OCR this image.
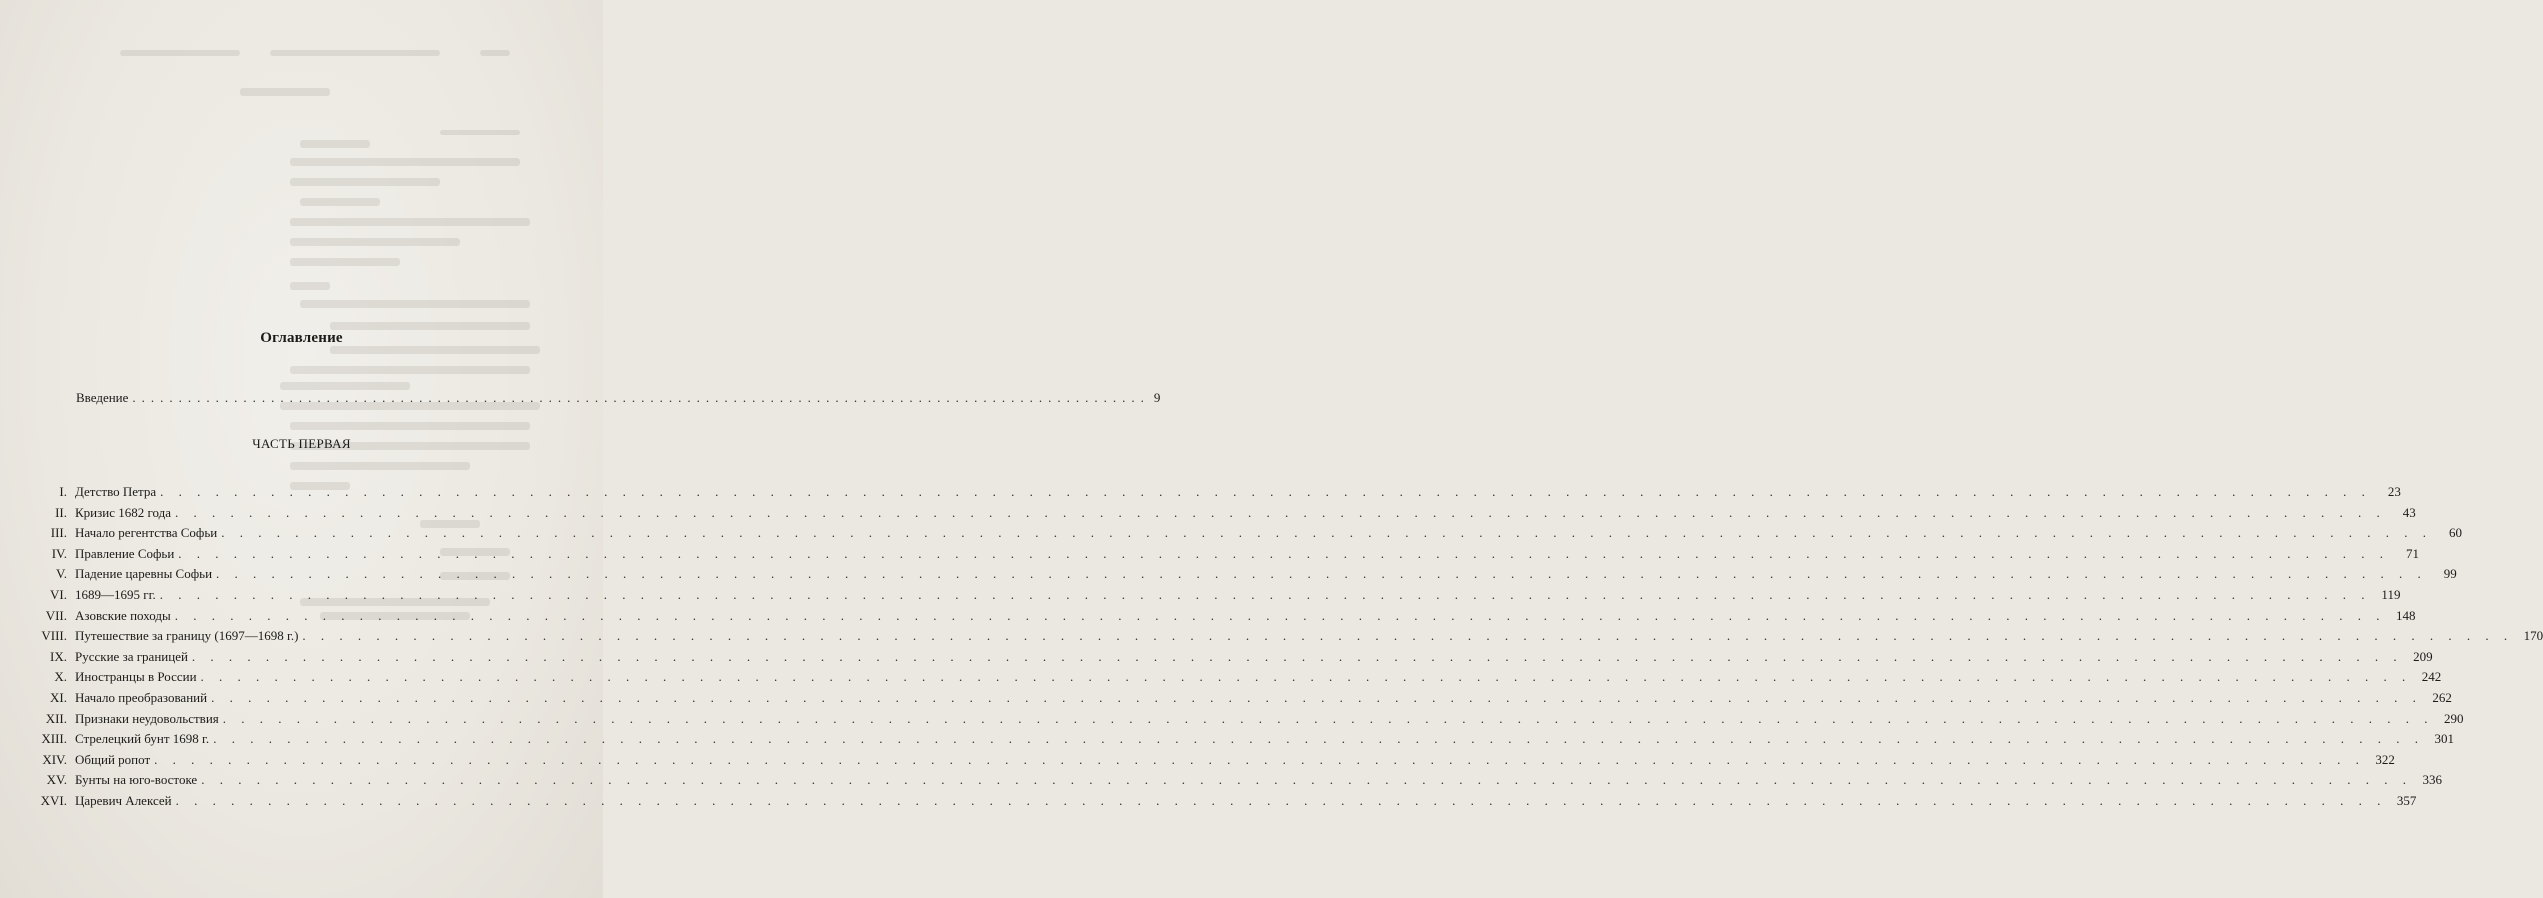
Оглавление
Введение .............................................................................................................. 9
ЧАСТЬ ПЕРВАЯ
I. Детство Петра . . . . . . . . . . . . . . . . . . . . . . . . . . . . . . . . . . . . . . . . . . . . . . . . . . . . . . . . . . . . . . . . . . . . . . . . . . . . . . . . . . . . . . . . . . . . . . . . . . . . . . . . . . . . . . . . . . . . . . . .	23
II. Кризис 1682 года . . . . . . . . . . . . . . . . . . . . . . . . . . . . . . . . . . . . . . . . . . . . . . . . . . . . . . . . . . . . . . . . . . . . . . . . . . . . . . . . . . . . . . . . . . . . . . . . . . . . . . . . . . . . . . . . . . . . . . . .	43
III. Начало регентства Софьи . . . . . . . . . . . . . . . . . . . . . . . . . . . . . . . . . . . . . . . . . . . . . . . . . . . . . . . . . . . . . . . . . . . . . . . . . . . . . . . . . . . . . . . . . . . . . . . . . . . . . . . . . . . . . . . . . . . . . . . .	60
IV. Правление Софьи . . . . . . . . . . . . . . . . . . . . . . . . . . . . . . . . . . . . . . . . . . . . . . . . . . . . . . . . . . . . . . . . . . . . . . . . . . . . . . . . . . . . . . . . . . . . . . . . . . . . . . . . . . . . . . . . . . . . . . . .	71
V. Падение царевны Софьи . . . . . . . . . . . . . . . . . . . . . . . . . . . . . . . . . . . . . . . . . . . . . . . . . . . . . . . . . . . . . . . . . . . . . . . . . . . . . . . . . . . . . . . . . . . . . . . . . . . . . . . . . . . . . . . . . . . . . . . .	99
VI. 1689—1695 гг. . . . . . . . . . . . . . . . . . . . . . . . . . . . . . . . . . . . . . . . . . . . . . . . . . . . . . . . . . . . . . . . . . . . . . . . . . . . . . . . . . . . . . . . . . . . . . . . . . . . . . . . . . . . . . . . . . . . . . . . . 119
VII. Азовские походы . . . . . . . . . . . . . . . . . . . . . . . . . . . . . . . . . . . . . . . . . . . . . . . . . . . . . . . . . . . . . . . . . . . . . . . . . . . . . . . . . . . . . . . . . . . . . . . . . . . . . . . . . . . . . . . . . . . . . . . . 148
VIII. Путешествие за границу (1697—1698 г.) . . . . . . . . . . . . . . . . . . . . . . . . . . . . . . . . . . . . . . . . . . . . . . . . . . . . . . . . . . . . . . . . . . . . . . . . . . . . . . . . . . . . . . . . . . . . . . . . . . . . . . . . . . . . . . . . . . . . . . . . 170
IX. Русские за границей . . . . . . . . . . . . . . . . . . . . . . . . . . . . . . . . . . . . . . . . . . . . . . . . . . . . . . . . . . . . . . . . . . . . . . . . . . . . . . . . . . . . . . . . . . . . . . . . . . . . . . . . . . . . . . . . . . . . . . . . 209
X. Иностранцы в России . . . . . . . . . . . . . . . . . . . . . . . . . . . . . . . . . . . . . . . . . . . . . . . . . . . . . . . . . . . . . . . . . . . . . . . . . . . . . . . . . . . . . . . . . . . . . . . . . . . . . . . . . . . . . . . . . . . . . . . . 242
XI. Начало преобразований . . . . . . . . . . . . . . . . . . . . . . . . . . . . . . . . . . . . . . . . . . . . . . . . . . . . . . . . . . . . . . . . . . . . . . . . . . . . . . . . . . . . . . . . . . . . . . . . . . . . . . . . . . . . . . . . . . . . . . . . 262
XII. Признаки неудовольствия . . . . . . . . . . . . . . . . . . . . . . . . . . . . . . . . . . . . . . . . . . . . . . . . . . . . . . . . . . . . . . . . . . . . . . . . . . . . . . . . . . . . . . . . . . . . . . . . . . . . . . . . . . . . . . . . . . . . . . . . 290
XIII. Стрелецкий бунт 1698 г. . . . . . . . . . . . . . . . . . . . . . . . . . . . . . . . . . . . . . . . . . . . . . . . . . . . . . . . . . . . . . . . . . . . . . . . . . . . . . . . . . . . . . . . . . . . . . . . . . . . . . . . . . . . . . . . . . . . . . . . . 301
XIV. Общий ропот . . . . . . . . . . . . . . . . . . . . . . . . . . . . . . . . . . . . . . . . . . . . . . . . . . . . . . . . . . . . . . . . . . . . . . . . . . . . . . . . . . . . . . . . . . . . . . . . . . . . . . . . . . . . . . . . . . . . . . . . 322
XV. Бунты на юго-востоке . . . . . . . . . . . . . . . . . . . . . . . . . . . . . . . . . . . . . . . . . . . . . . . . . . . . . . . . . . . . . . . . . . . . . . . . . . . . . . . . . . . . . . . . . . . . . . . . . . . . . . . . . . . . . . . . . . . . . . . . 336
XVI. Царевич Алексей . . . . . . . . . . . . . . . . . . . . . . . . . . . . . . . . . . . . . . . . . . . . . . . . . . . . . . . . . . . . . . . . . . . . . . . . . . . . . . . . . . . . . . . . . . . . . . . . . . . . . . . . . . . . . . . . . . . . . . . . 357
